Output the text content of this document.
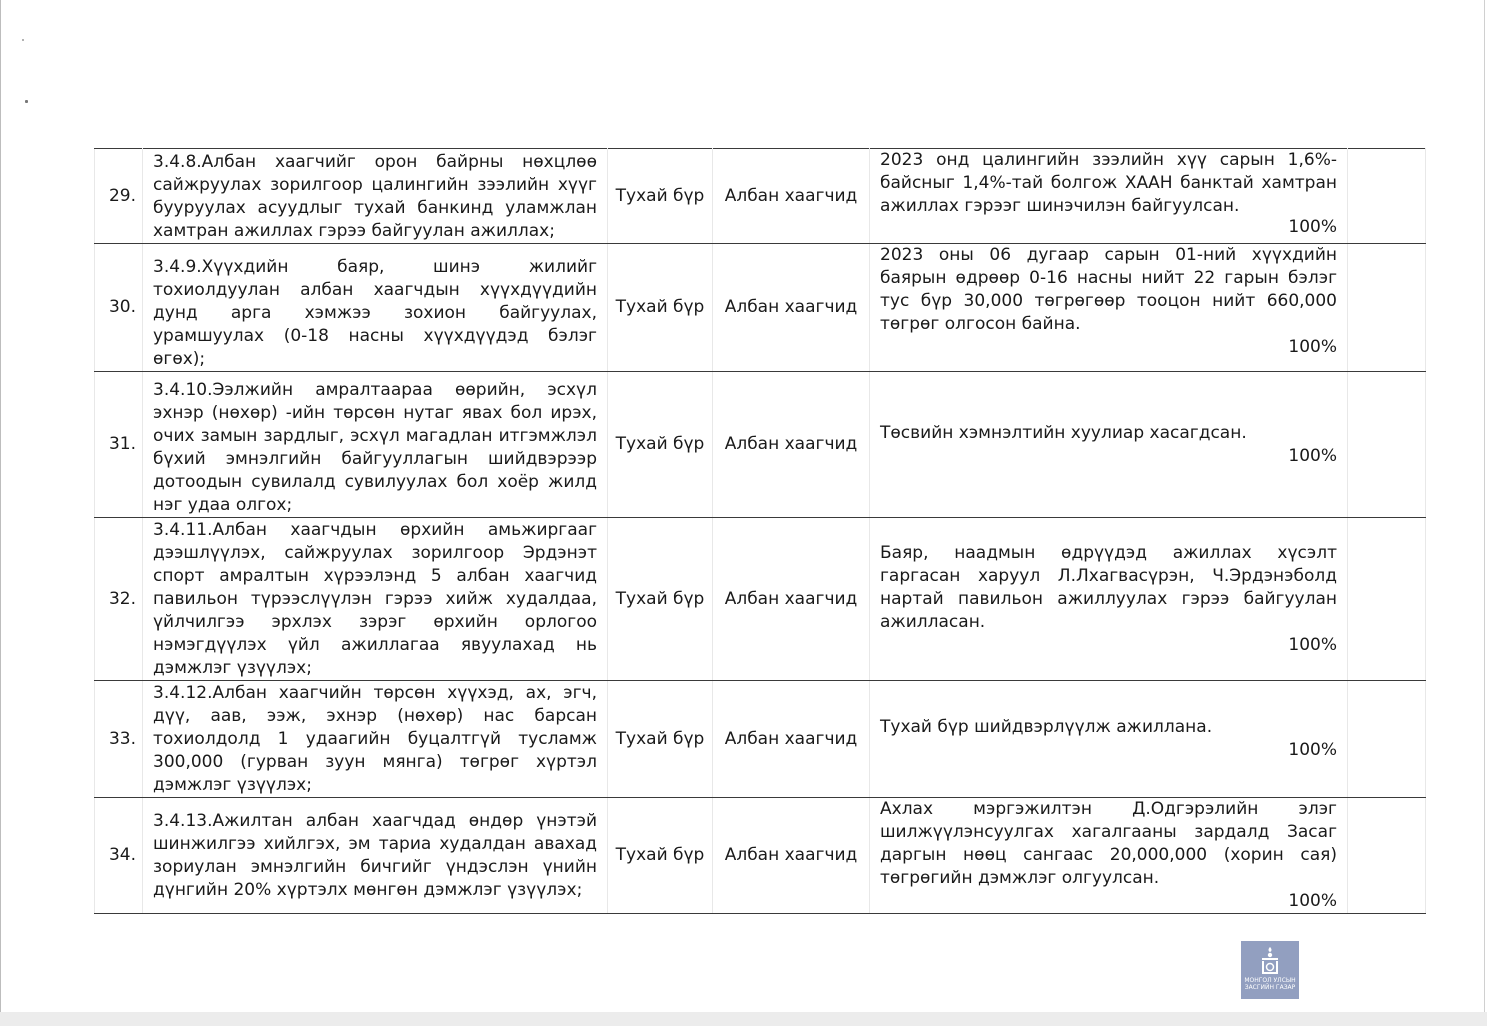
29.	3.4.8.Албан хаагчийг орон байрны нөхцлөө сайжруулах зорилгоор цалингийн зээлийн хүүг бууруулах асуудлыг тухай банкинд уламжлан хамтран ажиллах гэрээ байгуулан ажиллах;	Тухай бүр	Албан хаагчид	2023 онд цалингийн зээлийн хүү сарын 1,6%-байсныг 1,4%-тай болгож ХААН банктай хамтран ажиллах гэрээг шинэчилэн байгуулсан.
100%	

30.	3.4.9.Хүүхдийн баяр, шинэ жилийг тохиолдуулан албан хаагчдын хүүхдүүдийн дунд арга хэмжээ зохион байгуулах, урамшуулах (0-18 насны хүүхдүүдэд бэлэг өгөх);	Тухай бүр	Албан хаагчид	2023 оны 06 дугаар сарын 01-ний хүүхдийн баярын өдрөөр 0-16 насны нийт 22 гарын бэлэг тус бүр 30,000 төгрөгөөр тооцон нийт 660,000 төгрөг олгосон байна.
100%	

31.	3.4.10.Ээлжийн амралтаараа өөрийн, эсхүл эхнэр (нөхөр) -ийн төрсөн нутаг явах бол ирэх, очих замын зардлыг, эсхүл магадлан итгэмжлэл бүхий эмнэлгийн байгууллагын шийдвэрээр дотоодын сувилалд сувилуулах бол хоёр жилд нэг удаа олгох;	Тухай бүр	Албан хаагчид	Төсвийн хэмнэлтийн хуулиар хасагдсан.
100%	

32.	3.4.11.Албан хаагчдын өрхийн амьжиргааг дээшлүүлэх, сайжруулах зорилгоор Эрдэнэт спорт амралтын хүрээлэнд 5 албан хаагчид павильон түрээслүүлэн гэрээ хийж худалдаа, үйлчилгээ эрхлэх зэрэг өрхийн орлогоо нэмэгдүүлэх үйл ажиллагаа явуулахад нь дэмжлэг үзүүлэх;	Тухай бүр	Албан хаагчид	Баяр, наадмын өдрүүдэд ажиллах хүсэлт гаргасан харуул Л.Лхагвасүрэн, Ч.Эрдэнэболд нартай павильон ажиллуулах гэрээ байгуулан ажилласан.
100%	

33.	3.4.12.Албан хаагчийн төрсөн хүүхэд, ах, эгч, дүү, аав, ээж, эхнэр (нөхөр) нас барсан тохиолдолд 1 удаагийн буцалтгүй тусламж 300,000 (гурван зуун мянга) төгрөг хүртэл дэмжлэг үзүүлэх;	Тухай бүр	Албан хаагчид	Тухай бүр шийдвэрлүүлж ажиллана.
100%	

34.	3.4.13.Ажилтан албан хаагчдад өндөр үнэтэй шинжилгээ хийлгэх, эм тариа худалдан авахад зориулан эмнэлгийн бичгийг үндэслэн үнийн дүнгийн 20% хүртэлх мөнгөн дэмжлэг үзүүлэх;	Тухай бүр	Албан хаагчид	Ахлах мэргэжилтэн Д.Одгэрэлийн элэг шилжүүлэнсуулгах хагалгааны зардалд Засаг даргын нөөц сангаас 20,000,000 (хорин сая) төгрөгийн дэмжлэг олгуулсан.
100%	

МОНГОЛ УЛСЫН
ЗАСГИЙН ГАЗАР
